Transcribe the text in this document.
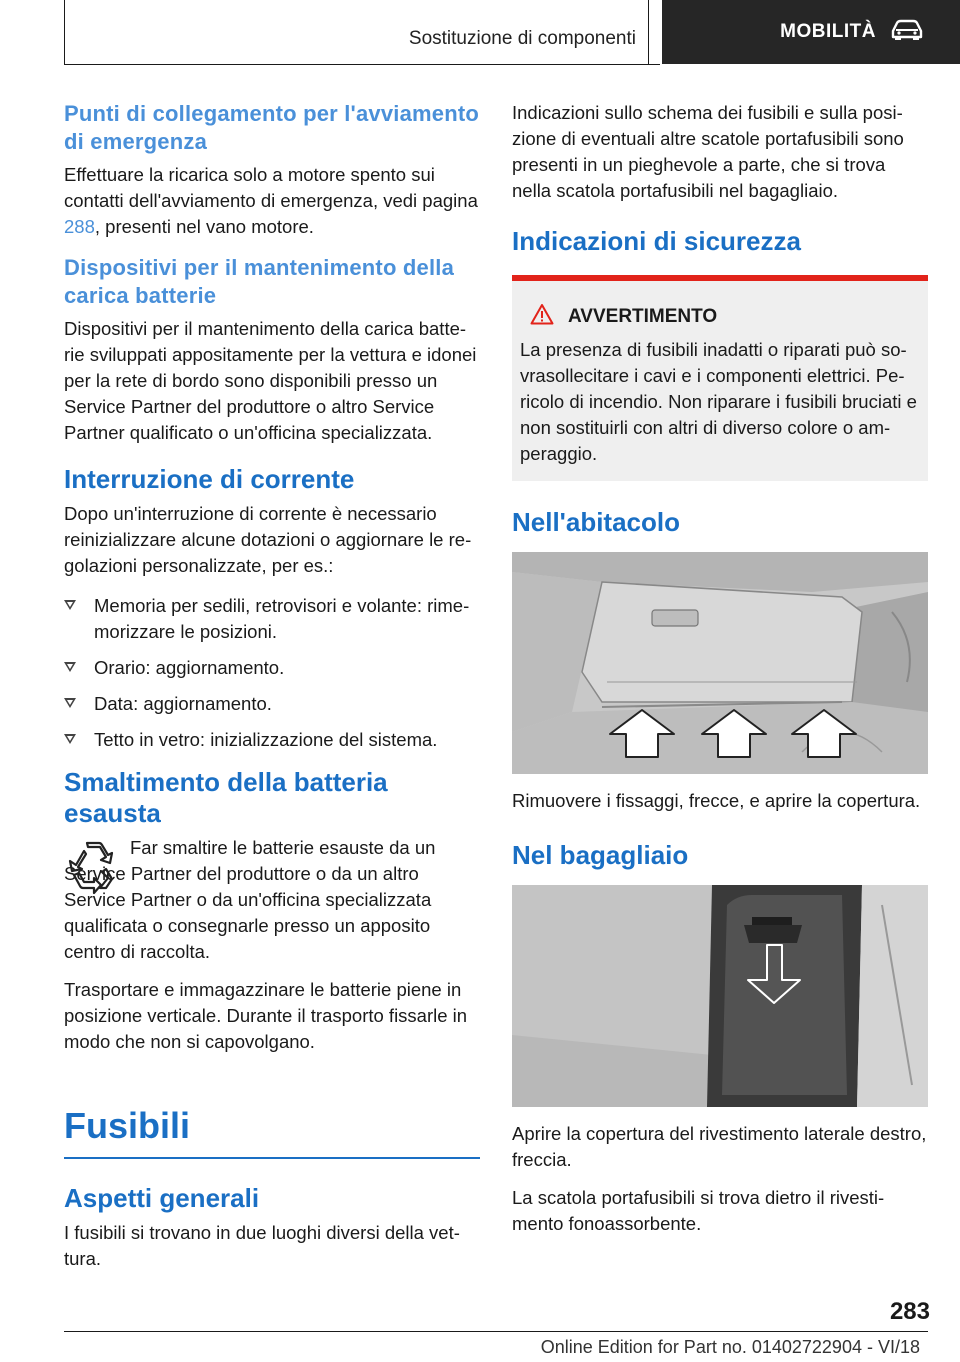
Sostituzione di componenti	MOBILITÀ
Punti di collegamento per l'avviamento di emergenza

Effettuare la ricarica solo a motore spento sui contatti dell'avviamento di emergenza, vedi pagina 288, presenti nel vano motore.

Dispositivi per il mantenimento della carica batterie

Dispositivi per il mantenimento della carica batterie sviluppati appositamente per la vettura e idonei per la rete di bordo sono disponibili presso un Service Partner del produttore o altro Service Partner qualificato o un'officina specializzata.

Interruzione di corrente

Dopo un'interruzione di corrente è necessario reinizializzare alcune dotazioni o aggiornare le regolazioni personalizzate, per es.:

Memoria per sedili, retrovisori e volante: rimemorizzare le posizioni.
Orario: aggiornamento.
Data: aggiornamento.
Tetto in vetro: inizializzazione del sistema.
Smaltimento della batteria esausta

Far smaltire le batterie esauste da un Service Partner del produttore o da un altro Service Partner o da un'officina specializzata qualificata o consegnarle presso un apposito centro di raccolta.

Trasportare e immagazzinare le batterie piene in posizione verticale. Durante il trasporto fissarle in modo che non si capovolgano.

Fusibili
Aspetti generali

I fusibili si trovano in due luoghi diversi della vettura.

Indicazioni sullo schema dei fusibili e sulla posizione di eventuali altre scatole portafusibili sono presenti in un pieghevole a parte, che si trova nella scatola portafusibili nel bagagliaio.

Indicazioni di sicurezza
AVVERTIMENTO

La presenza di fusibili inadatti o riparati può sovrasollecitare i cavi e i componenti elettrici. Pericolo di incendio. Non riparare i fusibili bruciati e non sostituirli con altri di diverso colore o amperaggio.

Nell'abitacolo

Rimuovere i fissaggi, frecce, e aprire la copertura.

Nel bagagliaio

Aprire la copertura del rivestimento laterale destro, freccia.

La scatola portafusibili si trova dietro il rivestimento fonoassorbente.

283
Online Edition for Part no. 01402722904 - VI/18
